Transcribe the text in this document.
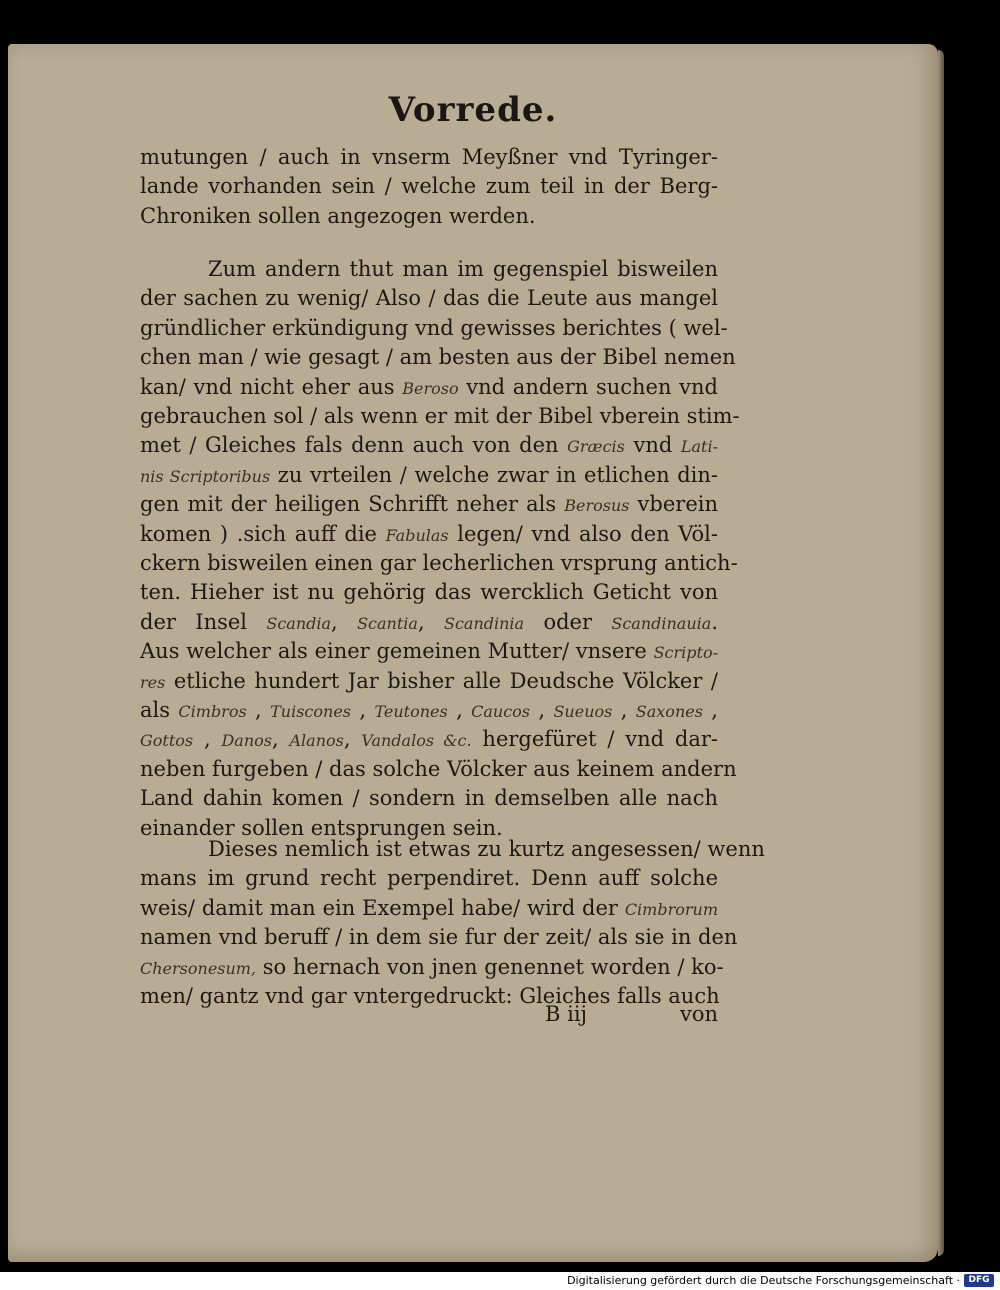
Vorrede.
mutungen / auch in vnserm Meyßner vnd Tyringer-
lande vorhanden sein / welche zum teil in der Berg-
Chroniken sollen angezogen werden.
Zum andern thut man im gegenspiel bisweilen
der sachen zu wenig/ Also / das die Leute aus mangel
gründlicher erkündigung vnd gewisses berichtes ( wel-
chen man / wie gesagt / am besten aus der Bibel nemen
kan/ vnd nicht eher aus Beroso vnd andern suchen vnd
gebrauchen sol / als wenn er mit der Bibel vberein stim-
met / Gleiches fals denn auch von den Græcis vnd Lati-
nis Scriptoribus zu vrteilen / welche zwar in etlichen din-
gen mit der heiligen Schrifft neher als Berosus vberein
komen ) .sich auff die Fabulas legen/ vnd also den Völ-
ckern bisweilen einen gar lecherlichen vrsprung antich-
ten. Hieher ist nu gehörig das wercklich Geticht von
der Insel Scandia, Scantia, Scandinia oder Scandinauia.
Aus welcher als einer gemeinen Mutter/ vnsere Scripto-
res etliche hundert Jar bisher alle Deudsche Völcker /
als Cimbros , Tuiscones , Teutones , Caucos , Sueuos , Saxones ,
Gottos , Danos, Alanos, Vandalos &c. hergefüret / vnd dar-
neben furgeben / das solche Völcker aus keinem andern
Land dahin komen / sondern in demselben alle nach
einander sollen entsprungen sein.
Dieses nemlich ist etwas zu kurtz angesessen/ wenn
mans im grund recht perpendiret. Denn auff solche
weis/ damit man ein Exempel habe/ wird der Cimbrorum
namen vnd beruff / in dem sie fur der zeit/ als sie in den
Chersonesum, so hernach von jnen genennet worden / ko-
men/ gantz vnd gar vntergedruckt: Gleiches falls auch
B iij	von
Digitalisierung gefördert durch die Deutsche Forschungsgemeinschaft · DFG
